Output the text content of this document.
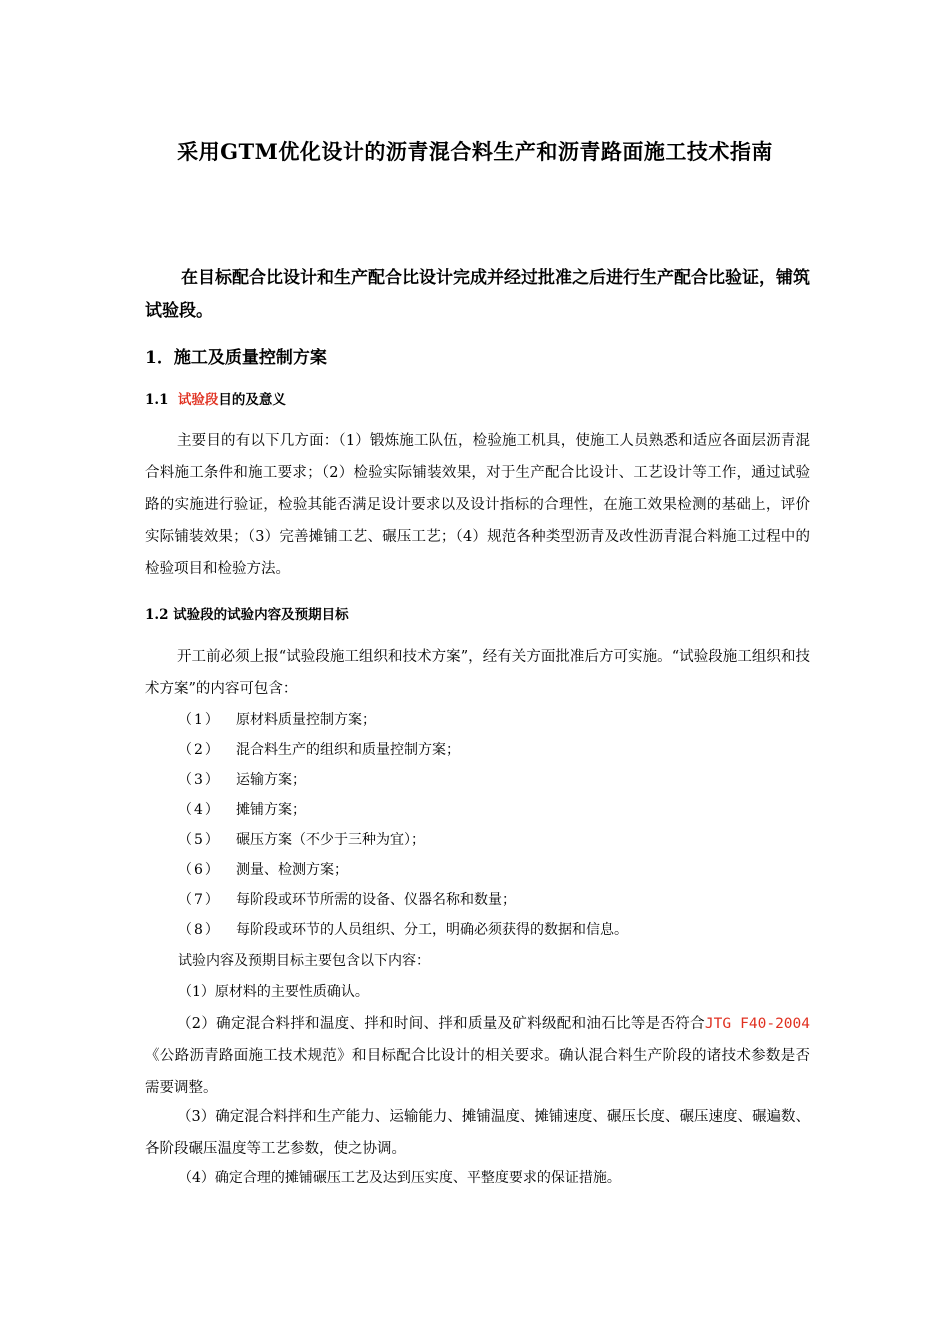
采用GTM优化设计的沥青混合料生产和沥青路面施工技术指南
在目标配合比设计和生产配合比设计完成并经过批准之后进行生产配合比验证，铺筑试验段。
1．施工及质量控制方案
1.1 试验段目的及意义
主要目的有以下几方面：（1）锻炼施工队伍，检验施工机具，使施工人员熟悉和适应各面层沥青混合料施工条件和施工要求；（2）检验实际铺装效果，对于生产配合比设计、工艺设计等工作，通过试验路的实施进行验证，检验其能否满足设计要求以及设计指标的合理性，在施工效果检测的基础上，评价实际铺装效果；（3）完善摊铺工艺、碾压工艺；（4）规范各种类型沥青及改性沥青混合料施工过程中的检验项目和检验方法。
1.2 试验段的试验内容及预期目标
开工前必须上报“试验段施工组织和技术方案”，经有关方面批准后方可实施。“试验段施工组织和技术方案”的内容可包含：
（1） 原材料质量控制方案；
（2） 混合料生产的组织和质量控制方案；
（3） 运输方案；
（4） 摊铺方案；
（5） 碾压方案（不少于三种为宜）；
（6） 测量、检测方案；
（7） 每阶段或环节所需的设备、仪器名称和数量；
（8） 每阶段或环节的人员组织、分工，明确必须获得的数据和信息。
试验内容及预期目标主要包含以下内容：
（1）原材料的主要性质确认。
（2）确定混合料拌和温度、拌和时间、拌和质量及矿料级配和油石比等是否符合JTG F40-2004《公路沥青路面施工技术规范》和目标配合比设计的相关要求。确认混合料生产阶段的诸技术参数是否需要调整。
（3）确定混合料拌和生产能力、运输能力、摊铺温度、摊铺速度、碾压长度、碾压速度、碾遍数、各阶段碾压温度等工艺参数，使之协调。
（4）确定合理的摊铺碾压工艺及达到压实度、平整度要求的保证措施。
